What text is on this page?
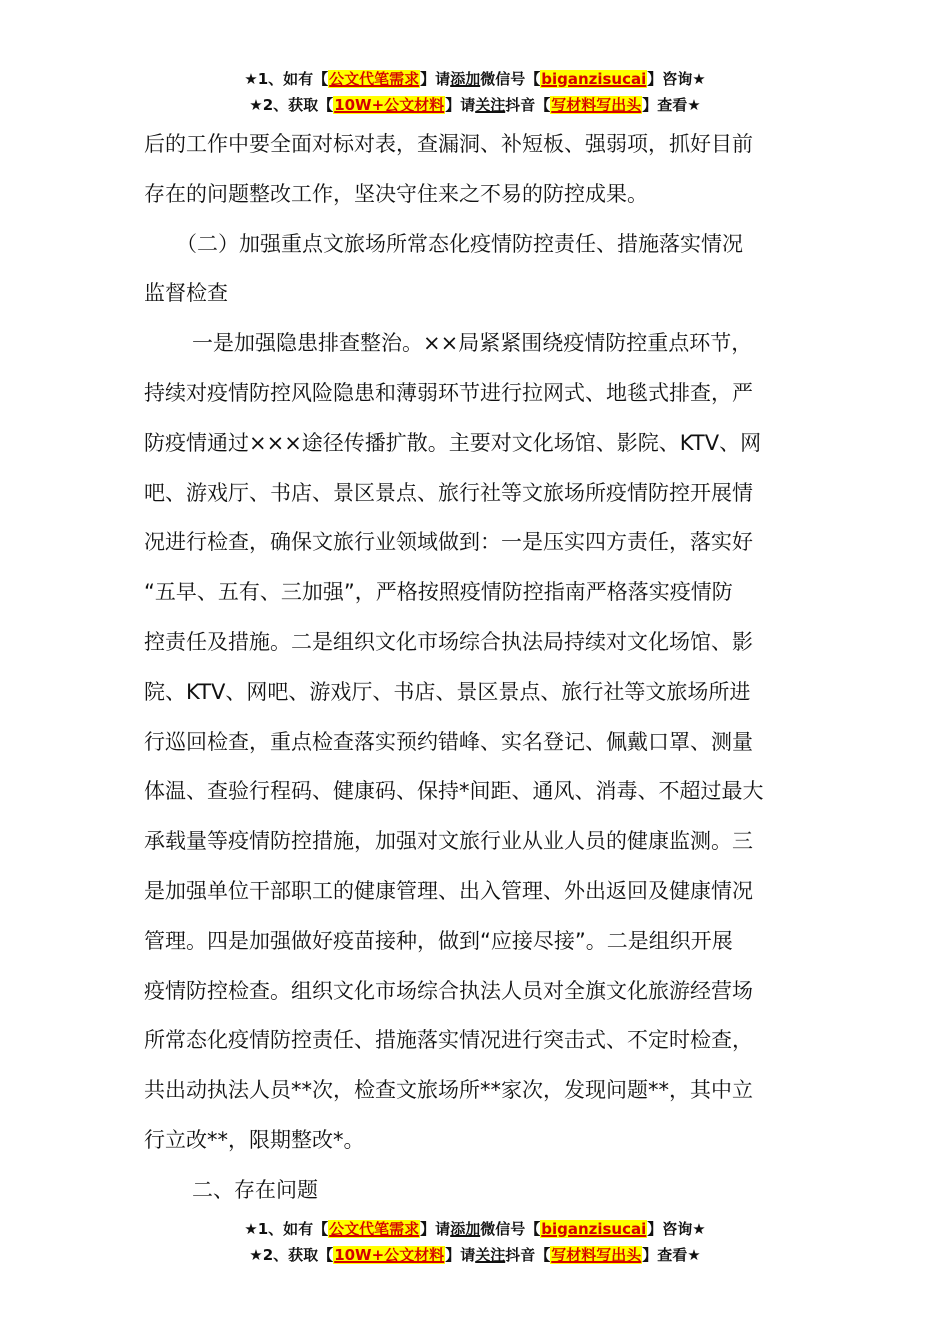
★1、如有【公文代笔需求】请添加微信号【biganzisucai】咨询★
★2、获取【10W+公文材料】请关注抖音【写材料写出头】查看★
后的工作中要全面对标对表，查漏洞、补短板、强弱项，抓好目前
存在的问题整改工作，坚决守住来之不易的防控成果。
（二）加强重点文旅场所常态化疫情防控责任、措施落实情况
监督检查
一是加强隐患排查整治。××局紧紧围绕疫情防控重点环节，
持续对疫情防控风险隐患和薄弱环节进行拉网式、地毯式排查，严
防疫情通过×××途径传播扩散。主要对文化场馆、影院、KTV、网
吧、游戏厅、书店、景区景点、旅行社等文旅场所疫情防控开展情
况进行检查，确保文旅行业领域做到：一是压实四方责任，落实好
“五早、五有、三加强”，严格按照疫情防控指南严格落实疫情防
控责任及措施。二是组织文化市场综合执法局持续对文化场馆、影
院、KTV、网吧、游戏厅、书店、景区景点、旅行社等文旅场所进
行巡回检查，重点检查落实预约错峰、实名登记、佩戴口罩、测量
体温、查验行程码、健康码、保持*间距、通风、消毒、不超过最大
承载量等疫情防控措施，加强对文旅行业从业人员的健康监测。三
是加强单位干部职工的健康管理、出入管理、外出返回及健康情况
管理。四是加强做好疫苗接种，做到“应接尽接”。二是组织开展
疫情防控检查。组织文化市场综合执法人员对全旗文化旅游经营场
所常态化疫情防控责任、措施落实情况进行突击式、不定时检查，
共出动执法人员**次，检查文旅场所**家次，发现问题**，其中立
行立改**，限期整改*。
二、存在问题
★1、如有【公文代笔需求】请添加微信号【biganzisucai】咨询★
★2、获取【10W+公文材料】请关注抖音【写材料写出头】查看★
